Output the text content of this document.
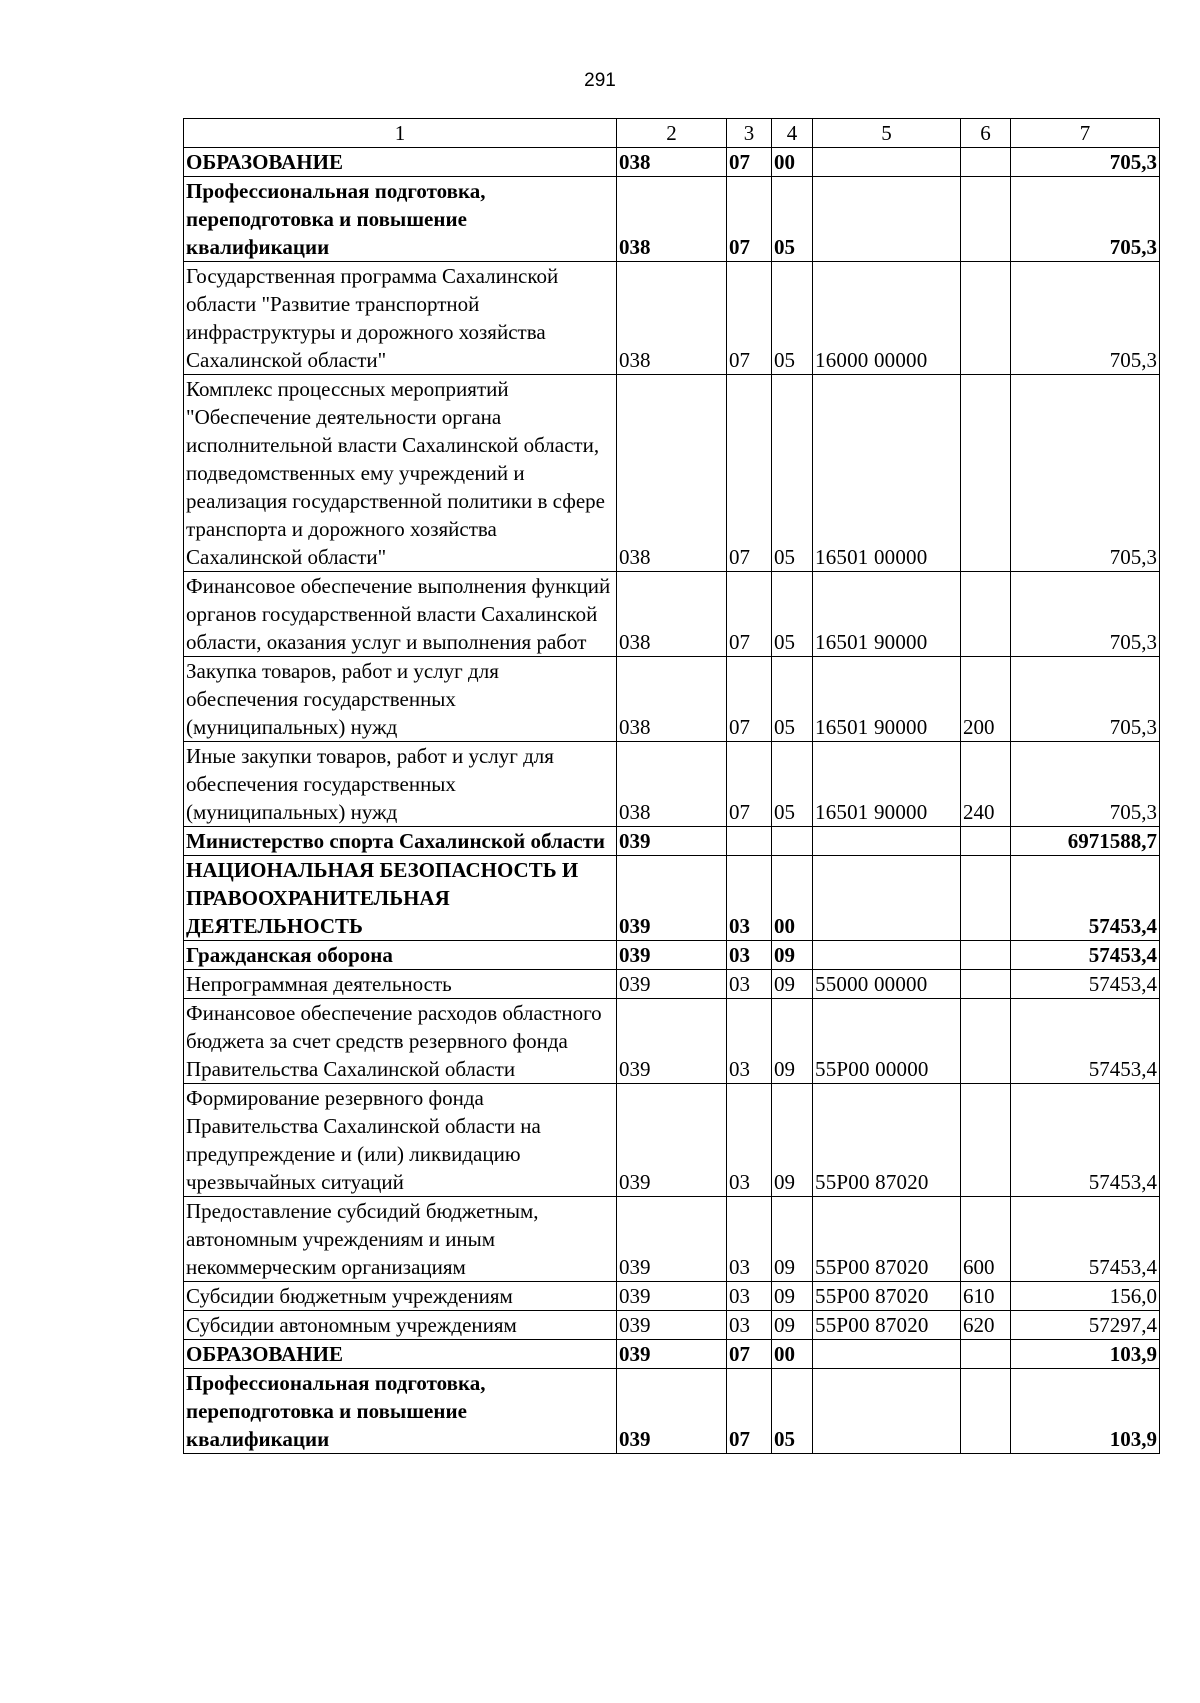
291
1	2	3	4	5	6	7
ОБРАЗОВАНИЕ	038	07	00			705,3
Профессиональная подготовка, переподготовка и повышение квалификации	038	07	05			705,3
Государственная программа Сахалинской области "Развитие транспортной инфраструктуры и дорожного хозяйства Сахалинской области"	038	07	05	16000 00000		705,3
Комплекс процессных мероприятий "Обеспечение деятельности органа исполнительной власти Сахалинской области, подведомственных ему учреждений и реализация государственной политики в сфере транспорта и дорожного хозяйства Сахалинской области"	038	07	05	16501 00000		705,3
Финансовое обеспечение выполнения функций органов государственной власти Сахалинской области, оказания услуг и выполнения работ	038	07	05	16501 90000		705,3
Закупка товаров, работ и услуг для обеспечения государственных (муниципальных) нужд	038	07	05	16501 90000	200	705,3
Иные закупки товаров, работ и услуг для обеспечения государственных (муниципальных) нужд	038	07	05	16501 90000	240	705,3
Министерство спорта Сахалинской области	039					6971588,7
НАЦИОНАЛЬНАЯ БЕЗОПАСНОСТЬ И ПРАВООХРАНИТЕЛЬНАЯ ДЕЯТЕЛЬНОСТЬ	039	03	00			57453,4
Гражданская оборона	039	03	09			57453,4
Непрограммная деятельность	039	03	09	55000 00000		57453,4
Финансовое обеспечение расходов областного бюджета за счет средств резервного фонда Правительства Сахалинской области	039	03	09	55Р00 00000		57453,4
Формирование резервного фонда Правительства Сахалинской области на предупреждение и (или) ликвидацию чрезвычайных ситуаций	039	03	09	55Р00 87020		57453,4
Предоставление субсидий бюджетным, автономным учреждениям и иным некоммерческим организациям	039	03	09	55Р00 87020	600	57453,4
Субсидии бюджетным учреждениям	039	03	09	55Р00 87020	610	156,0
Субсидии автономным учреждениям	039	03	09	55Р00 87020	620	57297,4
ОБРАЗОВАНИЕ	039	07	00			103,9
Профессиональная подготовка, переподготовка и повышение квалификации	039	07	05			103,9
